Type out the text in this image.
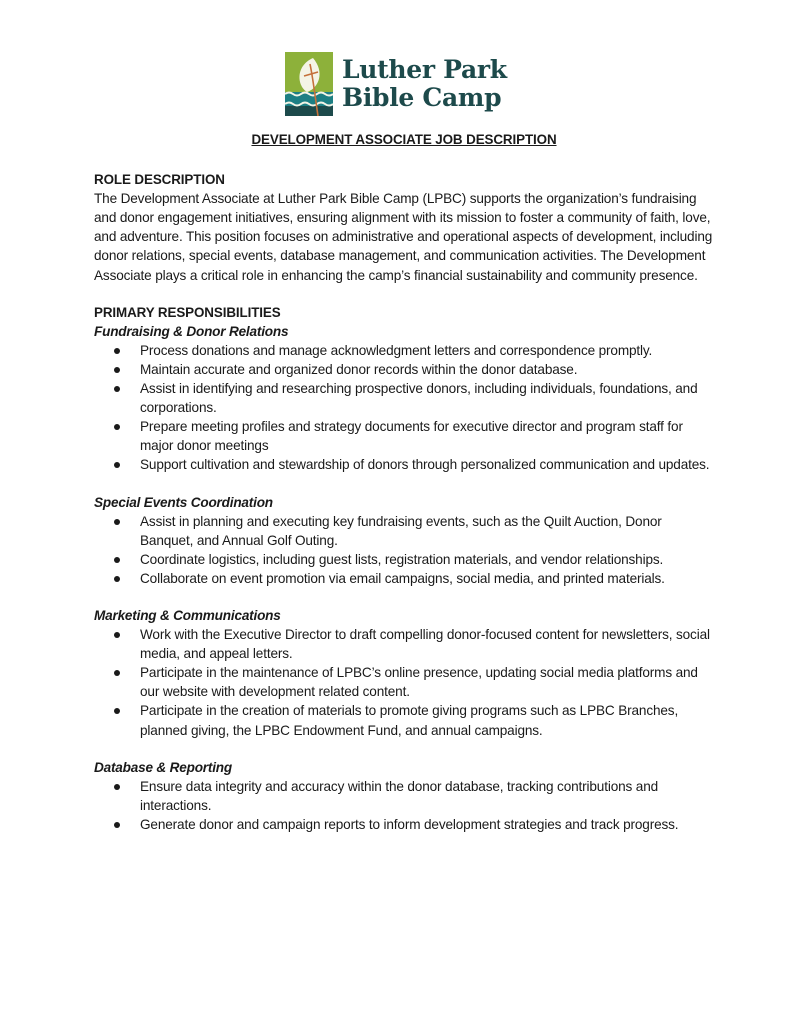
Luther Park
Bible Camp

DEVELOPMENT ASSOCIATE JOB DESCRIPTION

ROLE DESCRIPTION

The Development Associate at Luther Park Bible Camp (LPBC) supports the organization’s fundraising and donor engagement initiatives, ensuring alignment with its mission to foster a community of faith, love, and adventure. This position focuses on administrative and operational aspects of development, including donor relations, special events, database management, and communication activities. The Development Associate plays a critical role in enhancing the camp’s financial sustainability and community presence.

PRIMARY RESPONSIBILITIES

Fundraising & Donor Relations

Process donations and manage acknowledgment letters and correspondence promptly.
Maintain accurate and organized donor records within the donor database.
Assist in identifying and researching prospective donors, including individuals, foundations, and corporations.
Prepare meeting profiles and strategy documents for executive director and program staff for major donor meetings
Support cultivation and stewardship of donors through personalized communication and updates.

Special Events Coordination

Assist in planning and executing key fundraising events, such as the Quilt Auction, Donor Banquet, and Annual Golf Outing.
Coordinate logistics, including guest lists, registration materials, and vendor relationships.
Collaborate on event promotion via email campaigns, social media, and printed materials.

Marketing & Communications

Work with the Executive Director to draft compelling donor-focused content for newsletters, social media, and appeal letters.
Participate in the maintenance of LPBC’s online presence, updating social media platforms and our website with development related content.
Participate in the creation of materials to promote giving programs such as LPBC Branches, planned giving, the LPBC Endowment Fund, and annual campaigns.

Database & Reporting

Ensure data integrity and accuracy within the donor database, tracking contributions and interactions.
Generate donor and campaign reports to inform development strategies and track progress.
